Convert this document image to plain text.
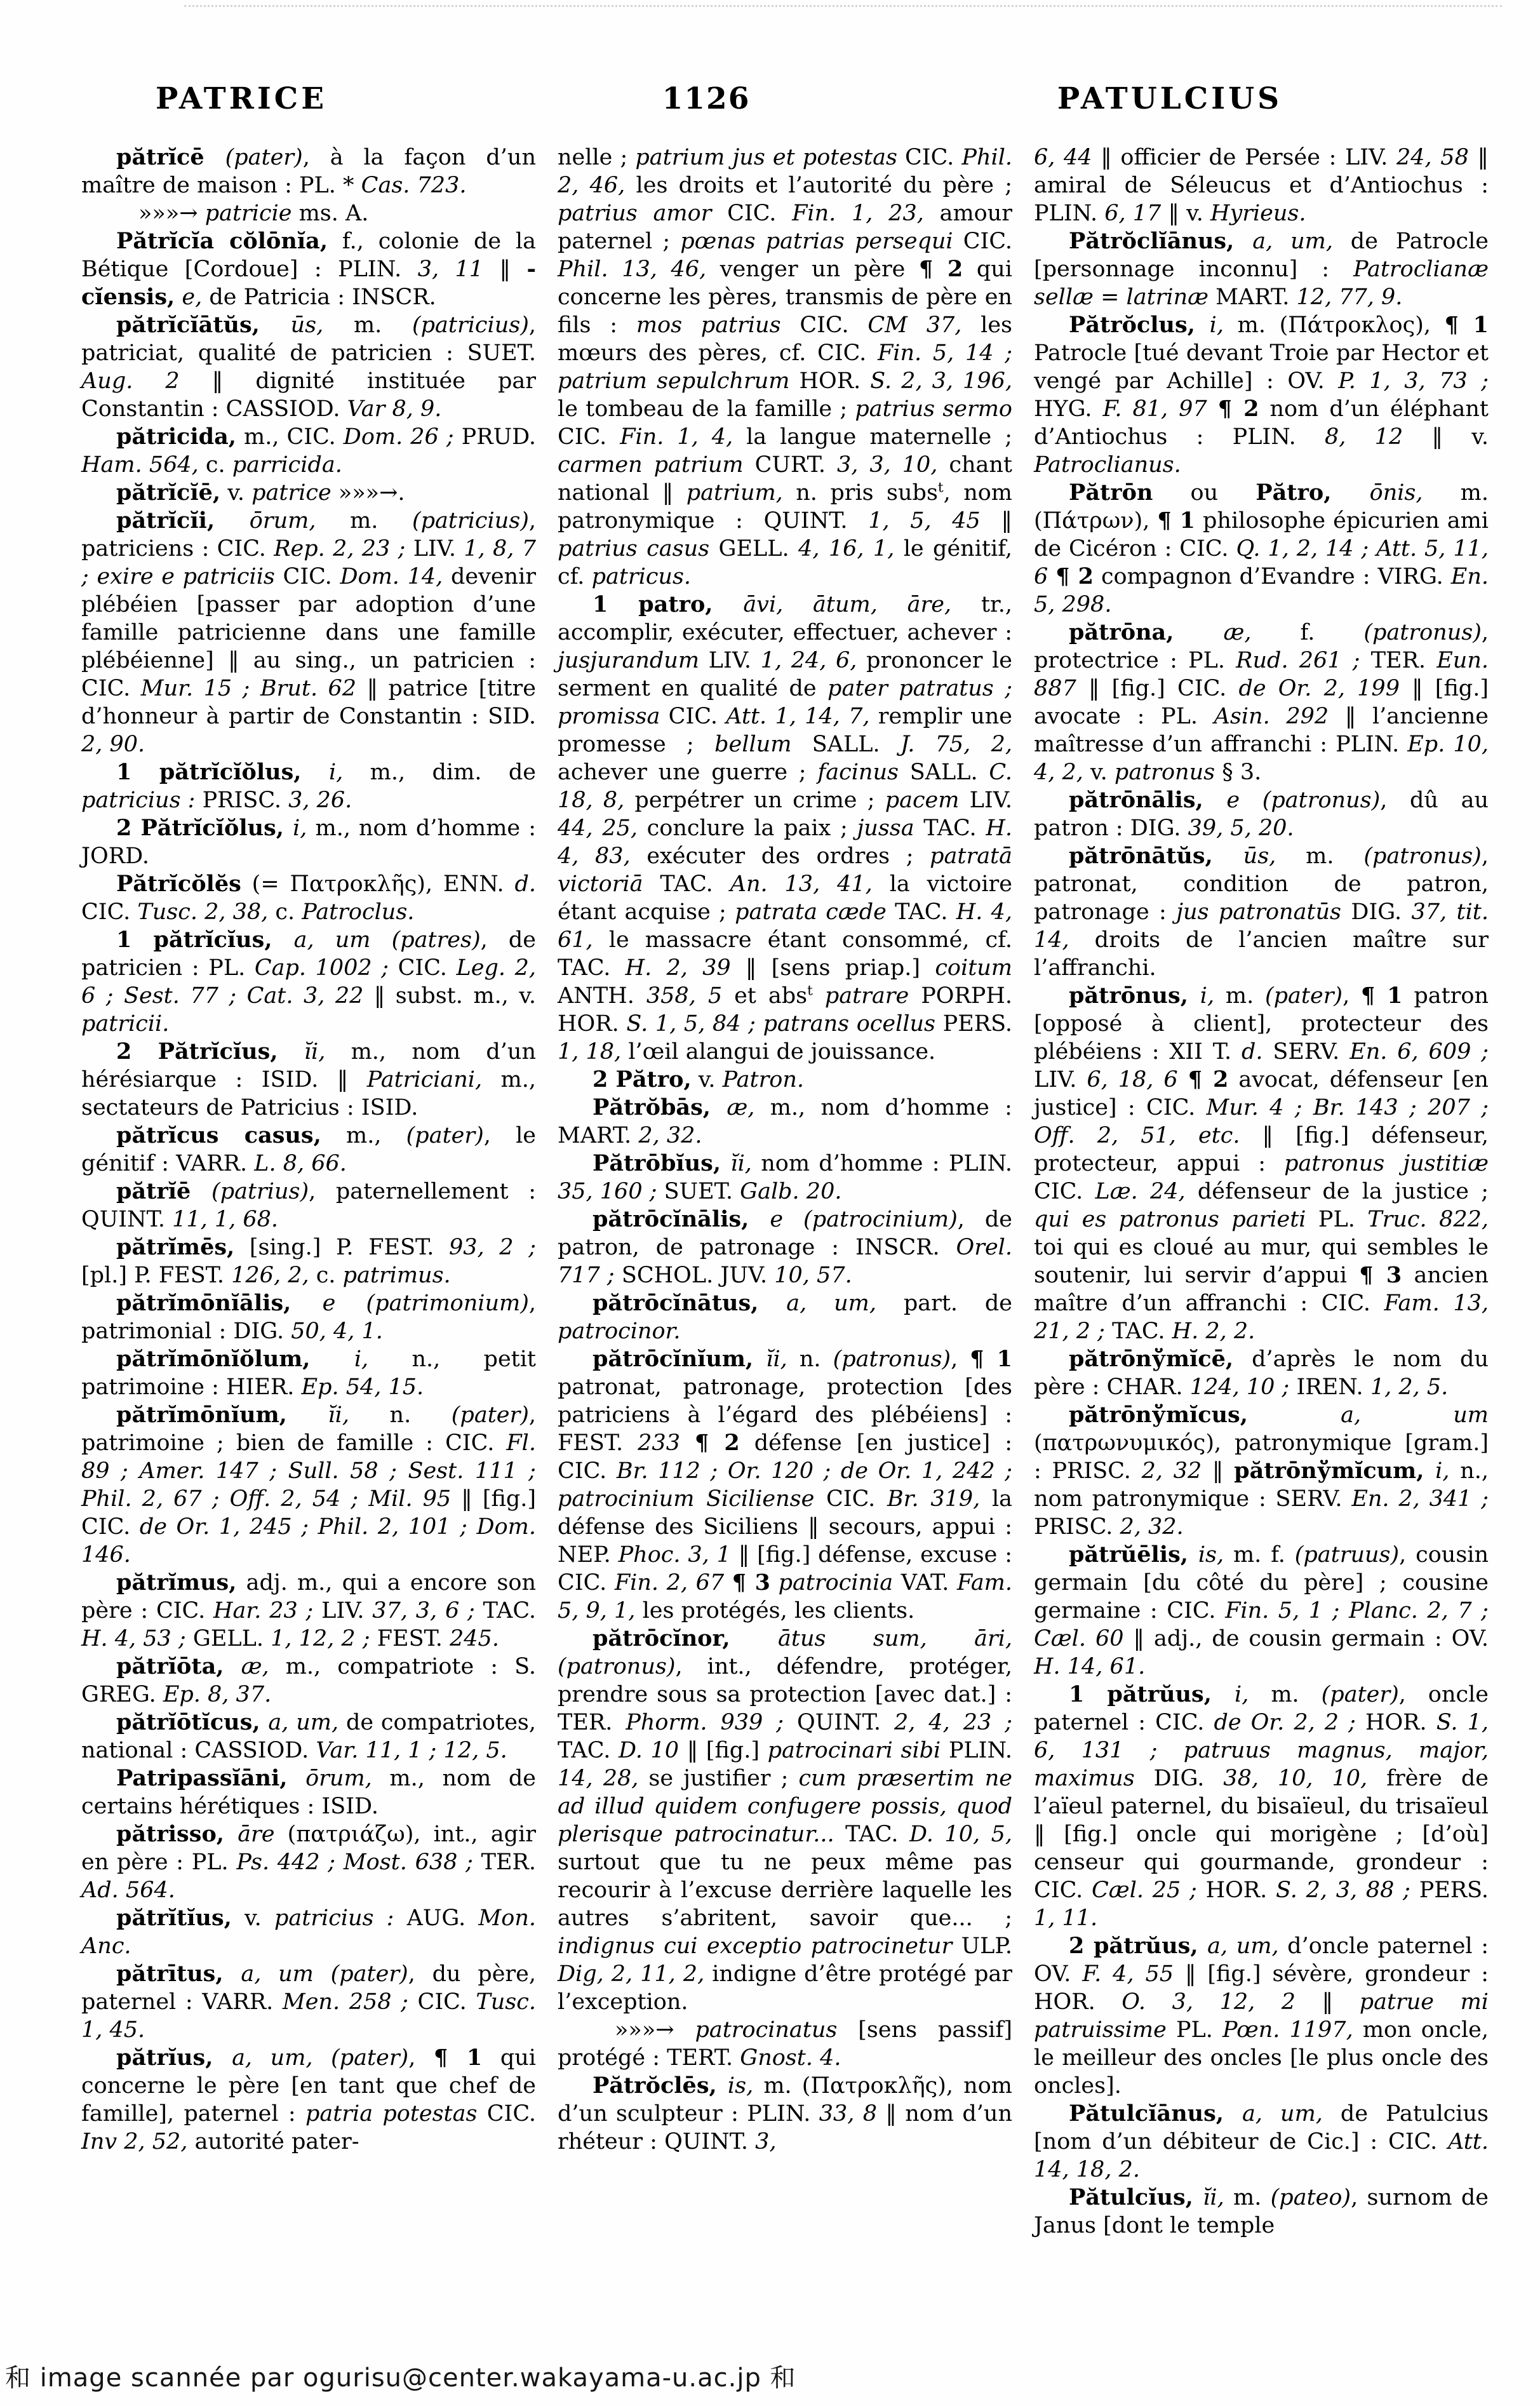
PATRICE	1126	PATULCIUS

pătrĭcē (pater), à la façon d’un maître de maison : PL. * Cas. 723.

»»»→ patricie ms. A.

Pătrĭcĭa cŏlōnĭa, f., colonie de la Bétique [Cordoue] : PLIN. 3, 11 ‖ -cĭensis, e, de Patricia : INSCR.

pătrĭcĭātŭs, ūs, m. (patricius), patriciat, qualité de patricien : SUET. Aug. 2 ‖ dignité instituée par Constantin : CASSIOD. Var 8, 9.

pătricida, m., CIC. Dom. 26 ; PRUD. Ham. 564, c. parricida.

pătrĭcĭē, v. patrice »»»→.

pătrĭcĭi, ōrum, m. (patricius), patriciens : CIC. Rep. 2, 23 ; LIV. 1, 8, 7 ; exire e patriciis CIC. Dom. 14, devenir plébéien [passer par adoption d’une famille patricienne dans une famille plébéienne] ‖ au sing., un patricien : CIC. Mur. 15 ; Brut. 62 ‖ patrice [titre d’honneur à partir de Constantin : SID. 2, 90.

1 pătrĭcĭŏlus, i, m., dim. de patricius : PRISC. 3, 26.

2 Pătrĭcĭŏlus, i, m., nom d’homme : JORD.

Pătrĭcŏlĕs (= Πατροκλῆς), ENN. d. CIC. Tusc. 2, 38, c. Patroclus.

1 pătrĭcĭus, a, um (patres), de patricien : PL. Cap. 1002 ; CIC. Leg. 2, 6 ; Sest. 77 ; Cat. 3, 22 ‖ subst. m., v. patricii.

2 Pătrĭcĭus, ĭi, m., nom d’un hérésiarque : ISID. ‖ Patriciani, m., sectateurs de Patricius : ISID.

pătrĭcus casus, m., (pater), le génitif : VARR. L. 8, 66.

pătrĭē (patrius), paternellement : QUINT. 11, 1, 68.

pătrĭmēs, [sing.] P. FEST. 93, 2 ; [pl.] P. FEST. 126, 2, c. patrimus.

pătrĭmōnĭālis, e (patrimonium), patrimonial : DIG. 50, 4, 1.

pătrĭmōnĭŏlum, i, n., petit patrimoine : HIER. Ep. 54, 15.

pătrĭmōnĭum, ĭi, n. (pater), patrimoine ; bien de famille : CIC. Fl. 89 ; Amer. 147 ; Sull. 58 ; Sest. 111 ; Phil. 2, 67 ; Off. 2, 54 ; Mil. 95 ‖ [fig.] CIC. de Or. 1, 245 ; Phil. 2, 101 ; Dom. 146.

pătrĭmus, adj. m., qui a encore son père : CIC. Har. 23 ; LIV. 37, 3, 6 ; TAC. H. 4, 53 ; GELL. 1, 12, 2 ; FEST. 245.

pătrĭōta, æ, m., compatriote : S. GREG. Ep. 8, 37.

pătrĭōtĭcus, a, um, de compatriotes, national : CASSIOD. Var. 11, 1 ; 12, 5.

Patripassĭāni, ōrum, m., nom de certains hérétiques : ISID.

pătrisso, āre (πατριάζω), int., agir en père : PL. Ps. 442 ; Most. 638 ; TER. Ad. 564.

pătrĭtĭus, v. patricius : AUG. Mon. Anc.

pătrītus, a, um (pater), du père, paternel : VARR. Men. 258 ; CIC. Tusc. 1, 45.

pătrĭus, a, um, (pater), ¶ 1 qui concerne le père [en tant que chef de famille], paternel : patria potestas CIC. Inv 2, 52, autorité pater-

nelle ; patrium jus et potestas CIC. Phil. 2, 46, les droits et l’autorité du père ; patrius amor CIC. Fin. 1, 23, amour paternel ; pœnas patrias persequi CIC. Phil. 13, 46, venger un père ¶ 2 qui concerne les pères, transmis de père en fils : mos patrius CIC. CM 37, les mœurs des pères, cf. CIC. Fin. 5, 14 ; patrium sepulchrum HOR. S. 2, 3, 196, le tombeau de la famille ; patrius sermo CIC. Fin. 1, 4, la langue maternelle ; carmen patrium CURT. 3, 3, 10, chant national ‖ patrium, n. pris subs$^t$, nom patronymique : QUINT. 1, 5, 45 ‖ patrius casus GELL. 4, 16, 1, le génitif, cf. patricus.

1 patro, āvi, ātum, āre, tr., accomplir, exécuter, effectuer, achever : jusjurandum LIV. 1, 24, 6, prononcer le serment en qualité de pater patratus ; promissa CIC. Att. 1, 14, 7, remplir une promesse ; bellum SALL. J. 75, 2, achever une guerre ; facinus SALL. C. 18, 8, perpétrer un crime ; pacem LIV. 44, 25, conclure la paix ; jussa TAC. H. 4, 83, exécuter des ordres ; patratā victoriā TAC. An. 13, 41, la victoire étant acquise ; patrata cæde TAC. H. 4, 61, le massacre étant consommé, cf. TAC. H. 2, 39 ‖ [sens priap.] coitum ANTH. 358, 5 et abs$^t$ patrare PORPH. HOR. S. 1, 5, 84 ; patrans ocellus PERS. 1, 18, l’œil alangui de jouissance.

2 Pătro, v. Patron.

Pătrŏbās, æ, m., nom d’homme : MART. 2, 32.

Pătrōbĭus, ĭi, nom d’homme : PLIN. 35, 160 ; SUET. Galb. 20.

pătrōcĭnālis, e (patrocinium), de patron, de patronage : INSCR. Orel. 717 ; SCHOL. JUV. 10, 57.

pătrōcĭnātus, a, um, part. de patrocinor.

pătrōcĭnĭum, ĭi, n. (patronus), ¶ 1 patronat, patronage, protection [des patriciens à l’égard des plébéiens] : FEST. 233 ¶ 2 défense [en justice] : CIC. Br. 112 ; Or. 120 ; de Or. 1, 242 ; patrocinium Siciliense CIC. Br. 319, la défense des Siciliens ‖ secours, appui : NEP. Phoc. 3, 1 ‖ [fig.] défense, excuse : CIC. Fin. 2, 67 ¶ 3 patrocinia VAT. Fam. 5, 9, 1, les protégés, les clients.

pătrōcĭnor, ātus sum, āri, (patronus), int., défendre, protéger, prendre sous sa protection [avec dat.] : TER. Phorm. 939 ; QUINT. 2, 4, 23 ; TAC. D. 10 ‖ [fig.] patrocinari sibi PLIN. 14, 28, se justifier ; cum præsertim ne ad illud quidem confugere possis, quod plerisque patrocinatur... TAC. D. 10, 5, surtout que tu ne peux même pas recourir à l’excuse derrière laquelle les autres s’abritent, savoir que... ; indignus cui exceptio patrocinetur ULP. Dig, 2, 11, 2, indigne d’être protégé par l’exception.

»»»→ patrocinatus [sens passif] protégé : TERT. Gnost. 4.

Pătrŏclēs, is, m. (Πατροκλῆς), nom d’un sculpteur : PLIN. 33, 8 ‖ nom d’un rhéteur : QUINT. 3,

6, 44 ‖ officier de Persée : LIV. 24, 58 ‖ amiral de Séleucus et d’Antiochus : PLIN. 6, 17 ‖ v. Hyrieus.

Pătrŏclĭānus, a, um, de Patrocle [personnage inconnu] : Patroclianæ sellæ = latrinæ MART. 12, 77, 9.

Pătrŏclus, i, m. (Πάτροκλος), ¶ 1 Patrocle [tué devant Troie par Hector et vengé par Achille] : OV. P. 1, 3, 73 ; HYG. F. 81, 97 ¶ 2 nom d’un éléphant d’Antiochus : PLIN. 8, 12 ‖ v. Patroclianus.

Pătrōn ou Pătro, ōnis, m. (Πάτρων), ¶ 1 philosophe épicurien ami de Cicéron : CIC. Q. 1, 2, 14 ; Att. 5, 11, 6 ¶ 2 compagnon d’Evandre : VIRG. En. 5, 298.

pătrōna, æ, f. (patronus), protectrice : PL. Rud. 261 ; TER. Eun. 887 ‖ [fig.] CIC. de Or. 2, 199 ‖ [fig.] avocate : PL. Asin. 292 ‖ l’ancienne maîtresse d’un affranchi : PLIN. Ep. 10, 4, 2, v. patronus § 3.

pătrōnālis, e (patronus), dû au patron : DIG. 39, 5, 20.

pătrōnātŭs, ūs, m. (patronus), patronat, condition de patron, patronage : jus patronatūs DIG. 37, tit. 14, droits de l’ancien maître sur l’affranchi.

pătrōnus, i, m. (pater), ¶ 1 patron [opposé à client], protecteur des plébéiens : XII T. d. SERV. En. 6, 609 ; LIV. 6, 18, 6 ¶ 2 avocat, défenseur [en justice] : CIC. Mur. 4 ; Br. 143 ; 207 ; Off. 2, 51, etc. ‖ [fig.] défenseur, protecteur, appui : patronus justitiæ CIC. Læ. 24, défenseur de la justice ; qui es patronus parieti PL. Truc. 822, toi qui es cloué au mur, qui sembles le soutenir, lui servir d’appui ¶ 3 ancien maître d’un affranchi : CIC. Fam. 13, 21, 2 ; TAC. H. 2, 2.

pătrōnўmĭcē, d’après le nom du père : CHAR. 124, 10 ; IREN. 1, 2, 5.

pătrōnўmĭcus, a, um (πατρωνυμικός), patronymique [gram.] : PRISC. 2, 32 ‖ pătrōnўmĭcum, i, n., nom patronymique : SERV. En. 2, 341 ; PRISC. 2, 32.

pătrŭēlis, is, m. f. (patruus), cousin germain [du côté du père] ; cousine germaine : CIC. Fin. 5, 1 ; Planc. 2, 7 ; Cæl. 60 ‖ adj., de cousin germain : OV. H. 14, 61.

1 pătrŭus, i, m. (pater), oncle paternel : CIC. de Or. 2, 2 ; HOR. S. 1, 6, 131 ; patruus magnus, major, maximus DIG. 38, 10, 10, frère de l’aïeul paternel, du bisaïeul, du trisaïeul ‖ [fig.] oncle qui morigène ; [d’où] censeur qui gourmande, grondeur : CIC. Cæl. 25 ; HOR. S. 2, 3, 88 ; PERS. 1, 11.

2 pătrŭus, a, um, d’oncle paternel : OV. F. 4, 55 ‖ [fig.] sévère, grondeur : HOR. O. 3, 12, 2 ‖ patrue mi patruissime PL. Pœn. 1197, mon oncle, le meilleur des oncles [le plus oncle des oncles].

Pătulcĭānus, a, um, de Patulcius [nom d’un débiteur de Cic.] : CIC. Att. 14, 18, 2.

Pătulcĭus, ĭi, m. (pateo), surnom de Janus [dont le temple

和 image scannée par ogurisu@center.wakayama-u.ac.jp 和
